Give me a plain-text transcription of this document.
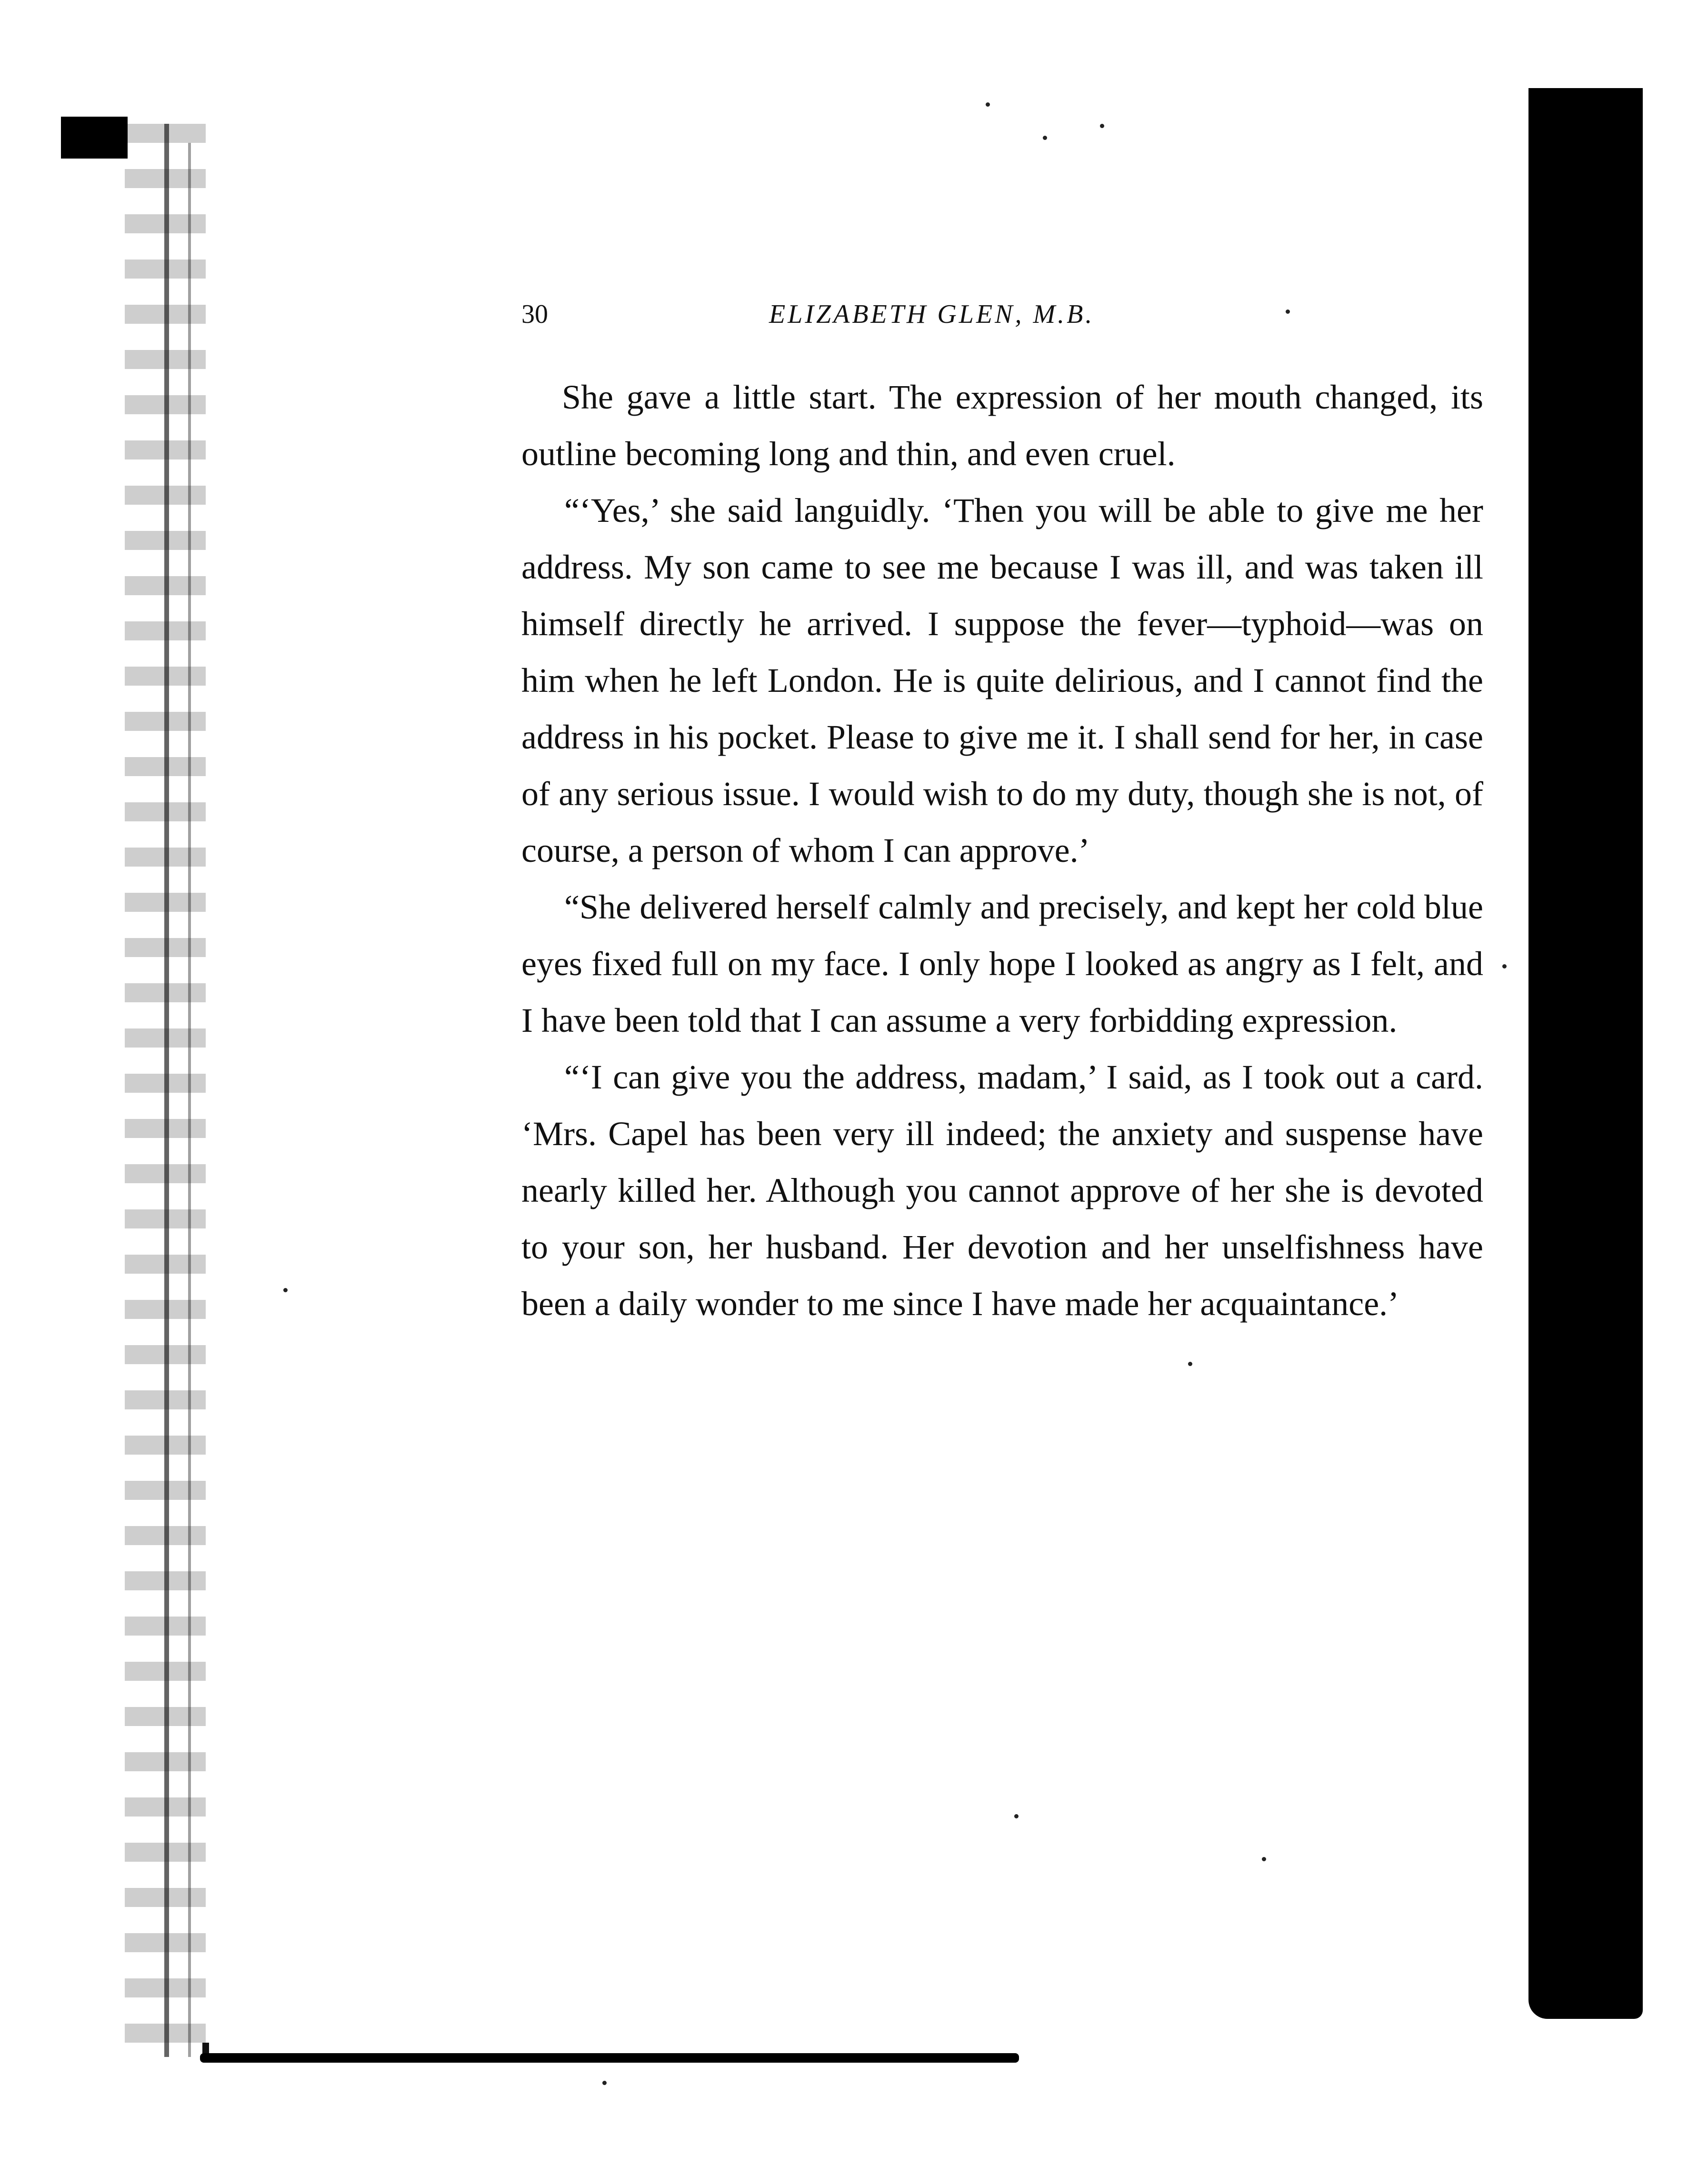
30	ELIZABETH GLEN, M.B.

She gave a little start. The expression of her mouth changed, its outline becoming long and thin, and even cruel.

“‘Yes,’ she said languidly. ‘Then you will be able to give me her address. My son came to see me because I was ill, and was taken ill himself directly he arrived. I suppose the fever—typhoid—was on him when he left London. He is quite delirious, and I cannot find the address in his pocket. Please to give me it. I shall send for her, in case of any serious issue. I would wish to do my duty, though she is not, of course, a person of whom I can approve.’

“She delivered herself calmly and precisely, and kept her cold blue eyes fixed full on my face. I only hope I looked as angry as I felt, and I have been told that I can assume a very forbidding expression.

“‘I can give you the address, madam,’ I said, as I took out a card. ‘Mrs. Capel has been very ill indeed; the anxiety and suspense have nearly killed her. Although you cannot approve of her she is devoted to your son, her husband. Her devotion and her unselfishness have been a daily wonder to me since I have made her acquaintance.’
